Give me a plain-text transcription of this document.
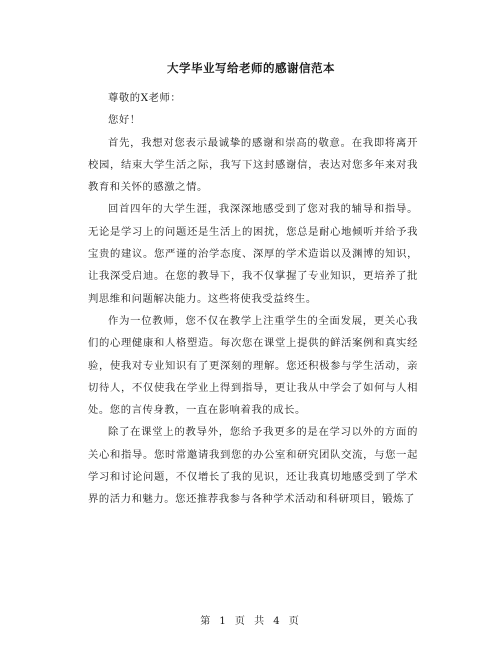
大学毕业写给老师的感谢信范本

尊敬的X老师：

您好！

首先，我想对您表示最诚挚的感谢和崇高的敬意。在我即将离开校园，结束大学生活之际，我写下这封感谢信，表达对您多年来对我教育和关怀的感激之情。

回首四年的大学生涯，我深深地感受到了您对我的辅导和指导。无论是学习上的问题还是生活上的困扰，您总是耐心地倾听并给予我宝贵的建议。您严谨的治学态度、深厚的学术造诣以及渊博的知识，让我深受启迪。在您的教导下，我不仅掌握了专业知识，更培养了批判思维和问题解决能力。这些将使我受益终生。

作为一位教师，您不仅在教学上注重学生的全面发展，更关心我们的心理健康和人格塑造。每次您在课堂上提供的鲜活案例和真实经验，使我对专业知识有了更深刻的理解。您还积极参与学生活动，亲切待人，不仅使我在学业上得到指导，更让我从中学会了如何与人相处。您的言传身教，一直在影响着我的成长。

除了在课堂上的教导外，您给予我更多的是在学习以外的方面的关心和指导。您时常邀请我到您的办公室和研究团队交流，与您一起学习和讨论问题，不仅增长了我的见识，还让我真切地感受到了学术界的活力和魅力。您还推荐我参与各种学术活动和科研项目，锻炼了

第 1 页 共 4 页
